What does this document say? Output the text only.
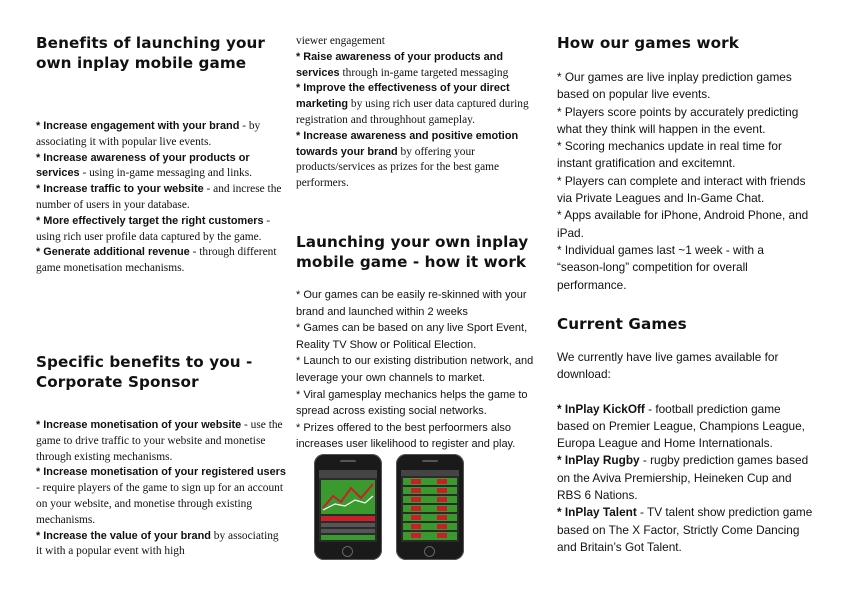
Benefits of launching your own inplay mobile game

* Increase engagement with your brand - by associating it with popular live events.

* Increase awareness of your products or services - using in-game messaging and links.

* Increase traffic to your website - and increse the number of users in your database.

* More effectively target the right customers - using rich user profile data captured by the game.

* Generate additional revenue - through different game monetisation mechanisms.

Specific benefits to you - Corporate Sponsor

* Increase monetisation of your website - use the game to drive traffic to your website and monetise through existing mechanisms.

* Increase monetisation of your registered users - require players of the game to sign up for an account on your website, and monetise through existing mechanisms.

* Increase the value of your brand by associating it with a popular event with high

viewer engagement

* Raise awareness of your products and services through in-game targeted messaging

* Improve the effectiveness of your direct marketing by using rich user data captured during registration and throughhout gameplay.

* Increase awareness and positive emotion towards your brand by offering your products/services as prizes for the best game performers.

Launching your own inplay mobile game - how it work

* Our games can be easily re-skinned with your brand and launched within 2 weeks

* Games can be based on any live Sport Event, Reality TV Show or Political Election.

* Launch to our existing distribution network, and leverage your own channels to market.

* Viral gamesplay mechanics helps the game to spread across existing social networks.

* Prizes offered to the best perfoormers also increases user likelihood to register and play.

How our games work

* Our games are live inplay prediction games based on popular live events.

* Players score points by accurately predicting what they think will happen in the event.

* Scoring mechanics update in real time for instant gratification and excitemnt.

* Players can complete and interact with friends via Private Leagues and In-Game Chat.

* Apps available for iPhone, Android Phone, and iPad.

* Individual games last ~1 week - with a “season-long” competition for overall performance.

Current Games

We currently have live games available for download:

* InPlay KickOff - football prediction game based on Premier League, Champions League, Europa League and Home Internationals.

* InPlay Rugby - rugby prediction games based on the Aviva Premiership, Heineken Cup and RBS 6 Nations.

* InPlay Talent - TV talent show prediction game based on The X Factor, Strictly Come Dancing and Britain’s Got Talent.
